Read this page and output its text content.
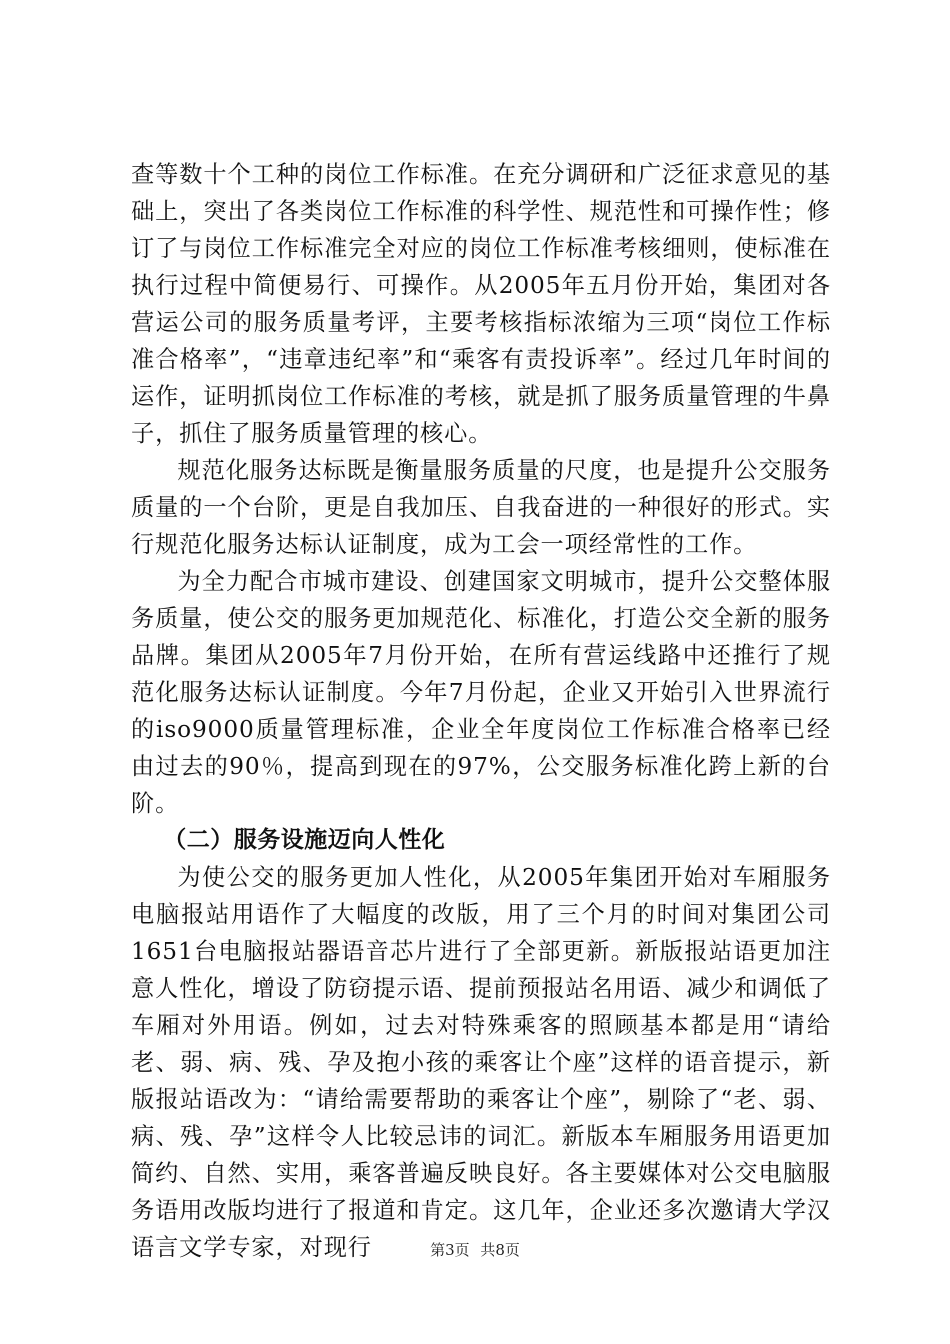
查等数十个工种的岗位工作标准。在充分调研和广泛征求意见的基础上，突出了各类岗位工作标准的科学性、规范性和可操作性；修订了与岗位工作标准完全对应的岗位工作标准考核细则，使标准在执行过程中简便易行、可操作。从2005年五月份开始，集团对各营运公司的服务质量考评，主要考核指标浓缩为三项“岗位工作标准合格率”，“违章违纪率”和“乘客有责投诉率”。经过几年时间的运作，证明抓岗位工作标准的考核，就是抓了服务质量管理的牛鼻子，抓住了服务质量管理的核心。

规范化服务达标既是衡量服务质量的尺度，也是提升公交服务质量的一个台阶，更是自我加压、自我奋进的一种很好的形式。实行规范化服务达标认证制度，成为工会一项经常性的工作。

为全力配合市城市建设、创建国家文明城市，提升公交整体服务质量，使公交的服务更加规范化、标准化，打造公交全新的服务品牌。集团从2005年7月份开始，在所有营运线路中还推行了规范化服务达标认证制度。今年7月份起，企业又开始引入世界流行的iso9000质量管理标准，企业全年度岗位工作标准合格率已经由过去的90％，提高到现在的97%，公交服务标准化跨上新的台阶。

（二）服务设施迈向人性化

为使公交的服务更加人性化，从2005年集团开始对车厢服务电脑报站用语作了大幅度的改版，用了三个月的时间对集团公司1651台电脑报站器语音芯片进行了全部更新。新版报站语更加注意人性化，增设了防窃提示语、提前预报站名用语、减少和调低了车厢对外用语。例如，过去对特殊乘客的照顾基本都是用“请给老、弱、病、残、孕及抱小孩的乘客让个座”这样的语音提示，新版报站语改为：“请给需要帮助的乘客让个座”，剔除了“老、弱、病、残、孕”这样令人比较忌讳的词汇。新版本车厢服务用语更加简约、自然、实用，乘客普遍反映良好。各主要媒体对公交电脑服务语用改版均进行了报道和肯定。这几年，企业还多次邀请大学汉语言文学专家，对现行	第3页 共8页
